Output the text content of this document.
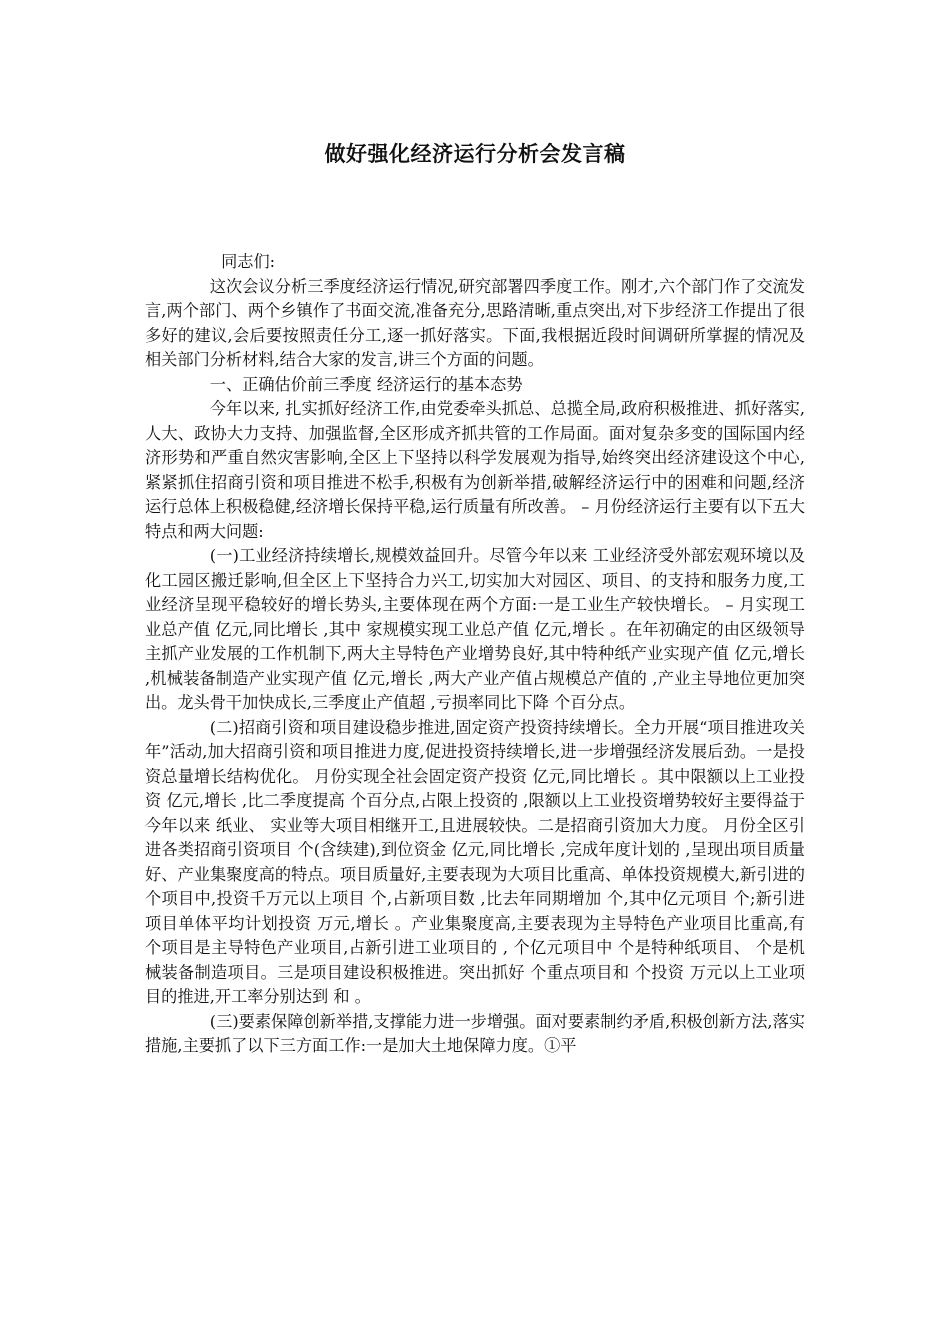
做好强化经济运行分析会发言稿

同志们:

这次会议分析三季度经济运行情况,研究部署四季度工作。刚才,六个部门作了交流发言,两个部门、两个乡镇作了书面交流,准备充分,思路清晰,重点突出,对下步经济工作提出了很多好的建议,会后要按照责任分工,逐一抓好落实。下面,我根据近段时间调研所掌握的情况及相关部门分析材料,结合大家的发言,讲三个方面的问题。

一、正确估价前三季度 经济运行的基本态势

今年以来, 扎实抓好经济工作,由党委牵头抓总、总揽全局,政府积极推进、抓好落实,人大、政协大力支持、加强监督,全区形成齐抓共管的工作局面。面对复杂多变的国际国内经济形势和严重自然灾害影响,全区上下坚持以科学发展观为指导,始终突出经济建设这个中心,紧紧抓住招商引资和项目推进不松手,积极有为创新举措,破解经济运行中的困难和问题,经济运行总体上积极稳健,经济增长保持平稳,运行质量有所改善。 – 月份经济运行主要有以下五大特点和两大问题:

(一)工业经济持续增长,规模效益回升。尽管今年以来 工业经济受外部宏观环境以及化工园区搬迁影响,但全区上下坚持合力兴工,切实加大对园区、项目、的支持和服务力度,工业经济呈现平稳较好的增长势头,主要体现在两个方面:一是工业生产较快增长。 – 月实现工业总产值 亿元,同比增长 ,其中 家规模实现工业总产值 亿元,增长 。在年初确定的由区级领导主抓产业发展的工作机制下,两大主导特色产业增势良好,其中特种纸产业实现产值 亿元,增长 ,机械装备制造产业实现产值 亿元,增长 ,两大产业产值占规模总产值的 ,产业主导地位更加突出。龙头骨干加快成长,三季度止产值超 ,亏损率同比下降 个百分点。

(二)招商引资和项目建设稳步推进,固定资产投资持续增长。全力开展“项目推进攻关年”活动,加大招商引资和项目推进力度,促进投资持续增长,进一步增强经济发展后劲。一是投资总量增长结构优化。 月份实现全社会固定资产投资 亿元,同比增长 。其中限额以上工业投资 亿元,增长 ,比二季度提高 个百分点,占限上投资的 ,限额以上工业投资增势较好主要得益于今年以来 纸业、 实业等大项目相继开工,且进展较快。二是招商引资加大力度。 月份全区引进各类招商引资项目 个(含续建),到位资金 亿元,同比增长 ,完成年度计划的 ,呈现出项目质量好、产业集聚度高的特点。项目质量好,主要表现为大项目比重高、单体投资规模大,新引进的 个项目中,投资千万元以上项目 个,占新项目数 ,比去年同期增加 个,其中亿元项目 个;新引进项目单体平均计划投资 万元,增长 。产业集聚度高,主要表现为主导特色产业项目比重高,有 个项目是主导特色产业项目,占新引进工业项目的 , 个亿元项目中 个是特种纸项目、 个是机械装备制造项目。三是项目建设积极推进。突出抓好 个重点项目和 个投资 万元以上工业项目的推进,开工率分别达到 和 。

(三)要素保障创新举措,支撑能力进一步增强。面对要素制约矛盾,积极创新方法,落实措施,主要抓了以下三方面工作:一是加大土地保障力度。①平
